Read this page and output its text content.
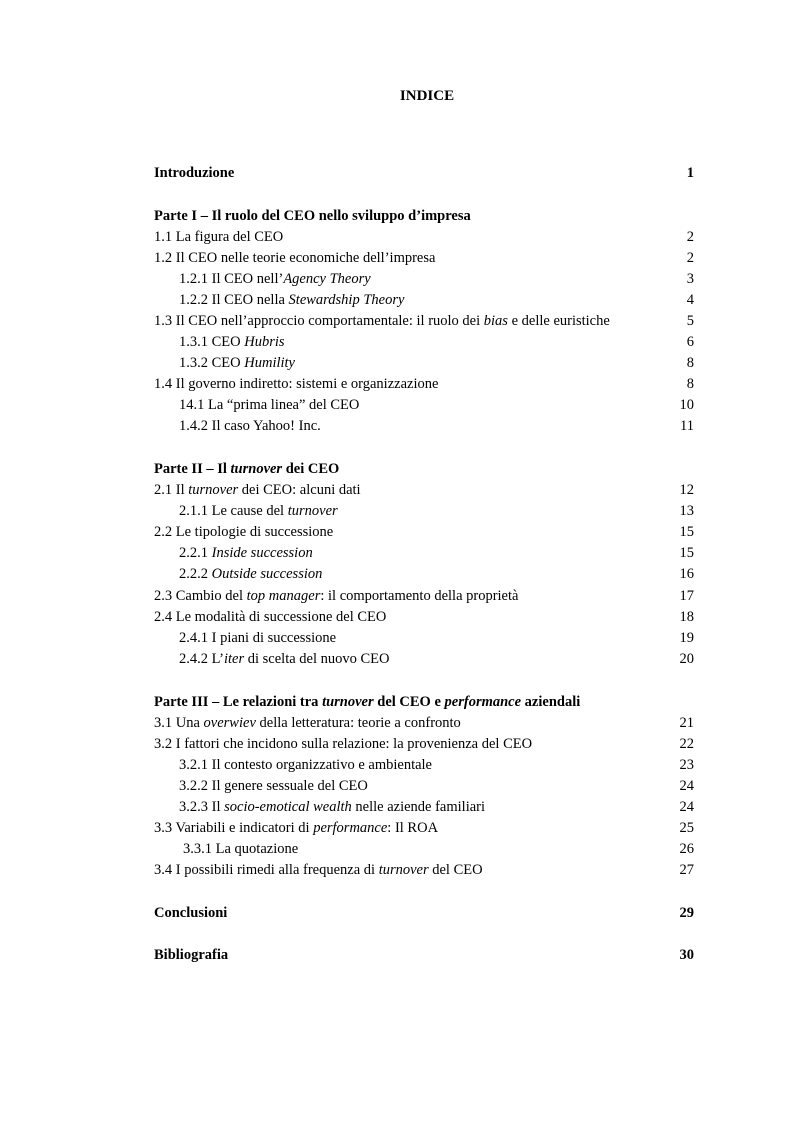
INDICE
Introduzione	1
Parte I – Il ruolo del CEO nello sviluppo d’impresa
1.1 La figura del CEO	2
1.2 Il CEO nelle teorie economiche dell’impresa	2
1.2.1 Il CEO nell’Agency Theory	3
1.2.2 Il CEO nella Stewardship Theory	4
1.3 Il CEO nell’approccio comportamentale: il ruolo dei bias e delle euristiche	5
1.3.1 CEO Hubris	6
1.3.2 CEO Humility	8
1.4 Il governo indiretto: sistemi e organizzazione	8
14.1 La “prima linea” del CEO	10
1.4.2 Il caso Yahoo! Inc.	11
Parte II – Il turnover dei CEO
2.1 Il turnover dei CEO: alcuni dati	12
2.1.1 Le cause del turnover	13
2.2 Le tipologie di successione	15
2.2.1 Inside succession	15
2.2.2 Outside succession	16
2.3 Cambio del top manager: il comportamento della proprietà	17
2.4 Le modalità di successione del CEO	18
2.4.1 I piani di successione	19
2.4.2 L’iter di scelta del nuovo CEO	20
Parte III – Le relazioni tra turnover del CEO e performance aziendali
3.1 Una overwiev della letteratura: teorie a confronto	21
3.2 I fattori che incidono sulla relazione: la provenienza del CEO	22
3.2.1 Il contesto organizzativo e ambientale	23
3.2.2 Il genere sessuale del CEO	24
3.2.3 Il socio-emotical wealth nelle aziende familiari	24
3.3 Variabili e indicatori di performance: Il ROA	25
3.3.1 La quotazione	26
3.4 I possibili rimedi alla frequenza di turnover del CEO	27
Conclusioni	29
Bibliografia	30
